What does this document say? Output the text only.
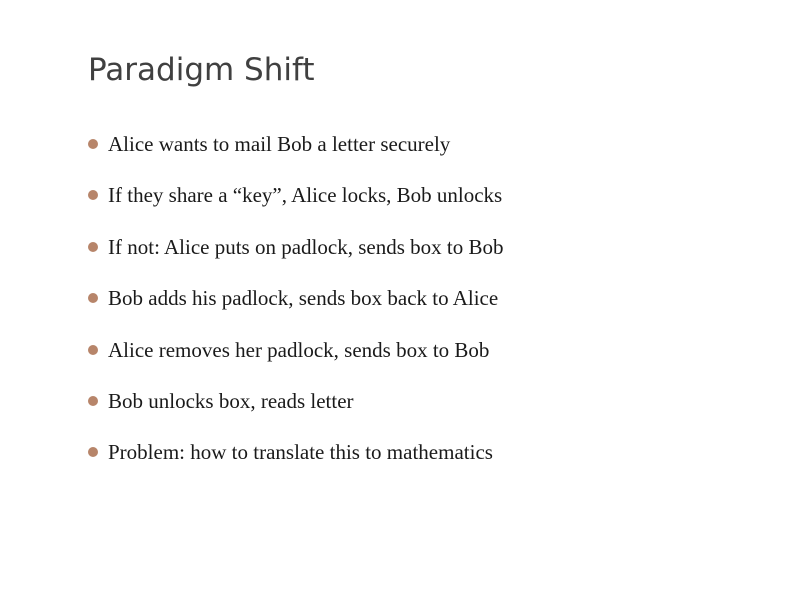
Paradigm Shift
Alice wants to mail Bob a letter securely
If they share a “key”, Alice locks, Bob unlocks
If not: Alice puts on padlock, sends box to Bob
Bob adds his padlock, sends box back to Alice
Alice removes her padlock, sends box to Bob
Bob unlocks box, reads letter
Problem: how to translate this to mathematics
